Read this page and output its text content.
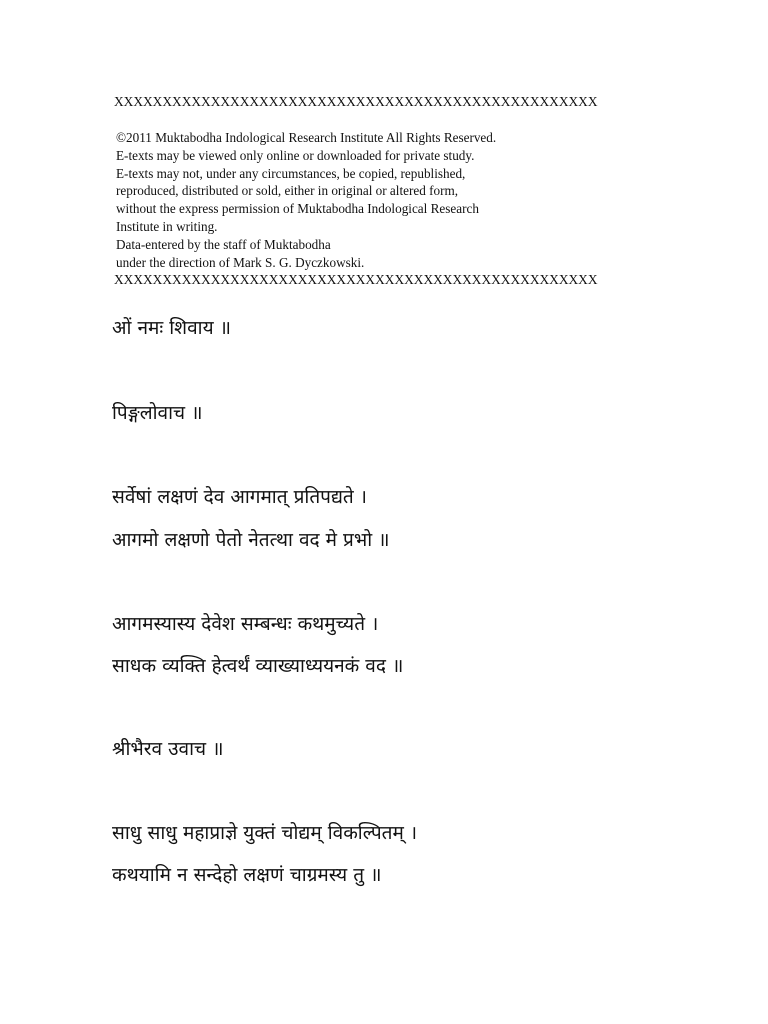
XXXXXXXXXXXXXXXXXXXXXXXXXXXXXXXXXXXXXXXXXXXXXXXXXX
©2011 Muktabodha Indological Research Institute All Rights Reserved.
E-texts may be viewed only online or downloaded for private study.
E-texts may not, under any circumstances, be copied, republished,
reproduced, distributed or sold, either in original or altered form,
without the express permission of Muktabodha Indological Research
Institute in writing.
Data-entered by the staff of Muktabodha
under the direction of Mark S. G. Dyczkowski.
XXXXXXXXXXXXXXXXXXXXXXXXXXXXXXXXXXXXXXXXXXXXXXXXXX
ओं नमः शिवाय ॥
पिङ्गलोवाच ॥
सर्वेषां लक्षणं देव आगमात् प्रतिपद्यते ।
आगमो लक्षणो पेतो नेतत्था वद मे प्रभो ॥
आगमस्यास्य देवेश सम्बन्धः कथमुच्यते ।
साधक व्यक्ति हेत्वर्थं व्याख्याध्ययनकं वद ॥
श्रीभैरव उवाच ॥
साधु साधु महाप्राज्ञे युक्तं चोद्यम् विकल्पितम् ।
कथयामि न सन्देहो लक्षणं चाग्रमस्य तु ॥
